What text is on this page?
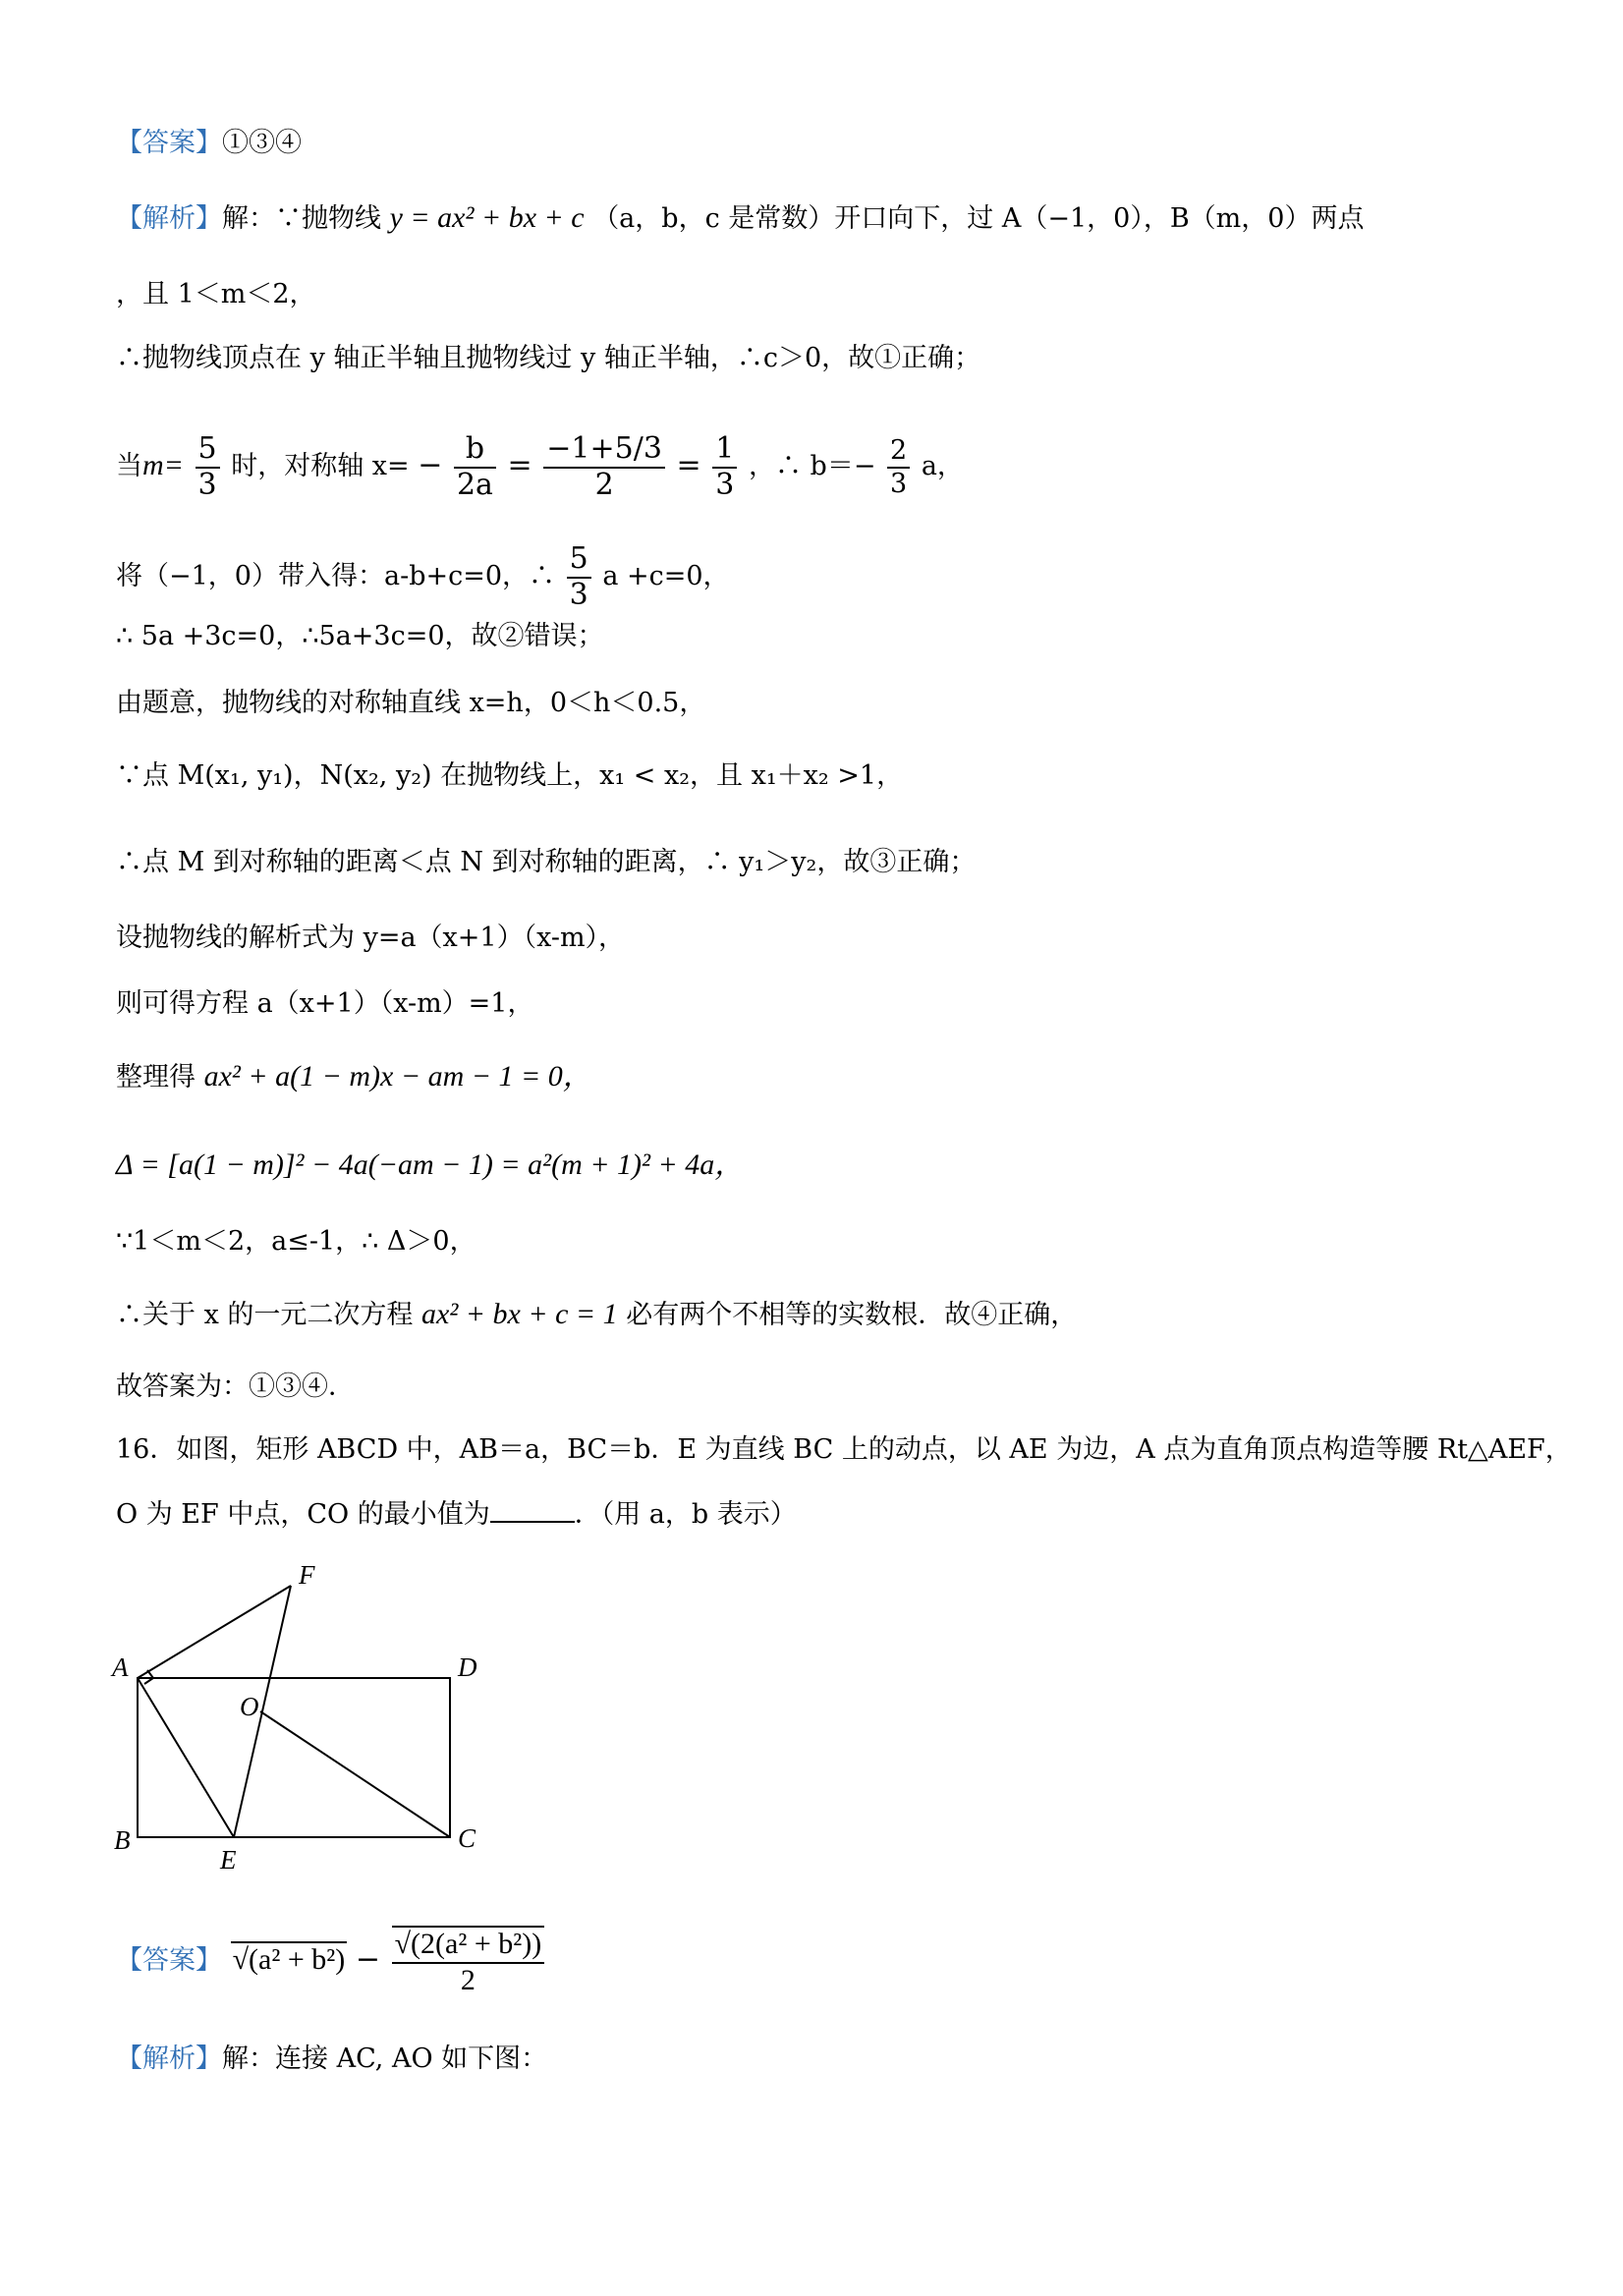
【答案】①③④
【解析】解：∵抛物线 y = ax² + bx + c （a，b，c 是常数）开口向下，过 A（−1，0），B（m，0）两点
，且 1＜m＜2，
∴抛物线顶点在 y 轴正半轴且抛物线过 y 轴正半轴，∴c＞0，故①正确；
当$m= \frac{5}{3}$ 时，对称轴 $x= - \frac{b}{2a} = \frac{-1+5/3}{2} = \frac{1}{3}$ ，∴ $b=- \frac{2}{3}$ a，
将（−1，0）带入得：a-b+c=0，∴ $\frac{5}{3}$ a +c=0，
∴ 5a +3c=0，∴5a+3c=0，故②错误；
由题意，抛物线的对称轴直线 x=h，0＜h＜0.5，
∵点 M(x₁, y₁)，N(x₂, y₂) 在抛物线上，x₁ < x₂，且 x₁＋x₂ >1，
∴点 M 到对称轴的距离＜点 N 到对称轴的距离，∴ y₁＞y₂，故③正确；
设抛物线的解析式为 y=a（x+1）（x-m），
则可得方程 a（x+1）（x-m）=1，
整理得 ax² + a(1 − m)x − am − 1 = 0，
Δ = [a(1 − m)]² − 4a(−am − 1) = a²(m + 1)² + 4a，
∵1＜m＜2，a≤-1，∴ Δ＞0，
∴关于 x 的一元二次方程 ax² + bx + c = 1 必有两个不相等的实数根．故④正确，
故答案为：①③④．
16．如图，矩形 ABCD 中，AB＝a，BC＝b．E 为直线 BC 上的动点，以 AE 为边，A 点为直角顶点构造等腰 Rt△AEF，
O 为 EF 中点，CO 的最小值为	．（用 a，b 表示）
A
B	C
D
E
F
O
【答案】 $√(a^2 + b^2) - \frac{\text{√(2(a² + b²))}}{2}$
【解析】解：连接 AC, AO 如下图：
